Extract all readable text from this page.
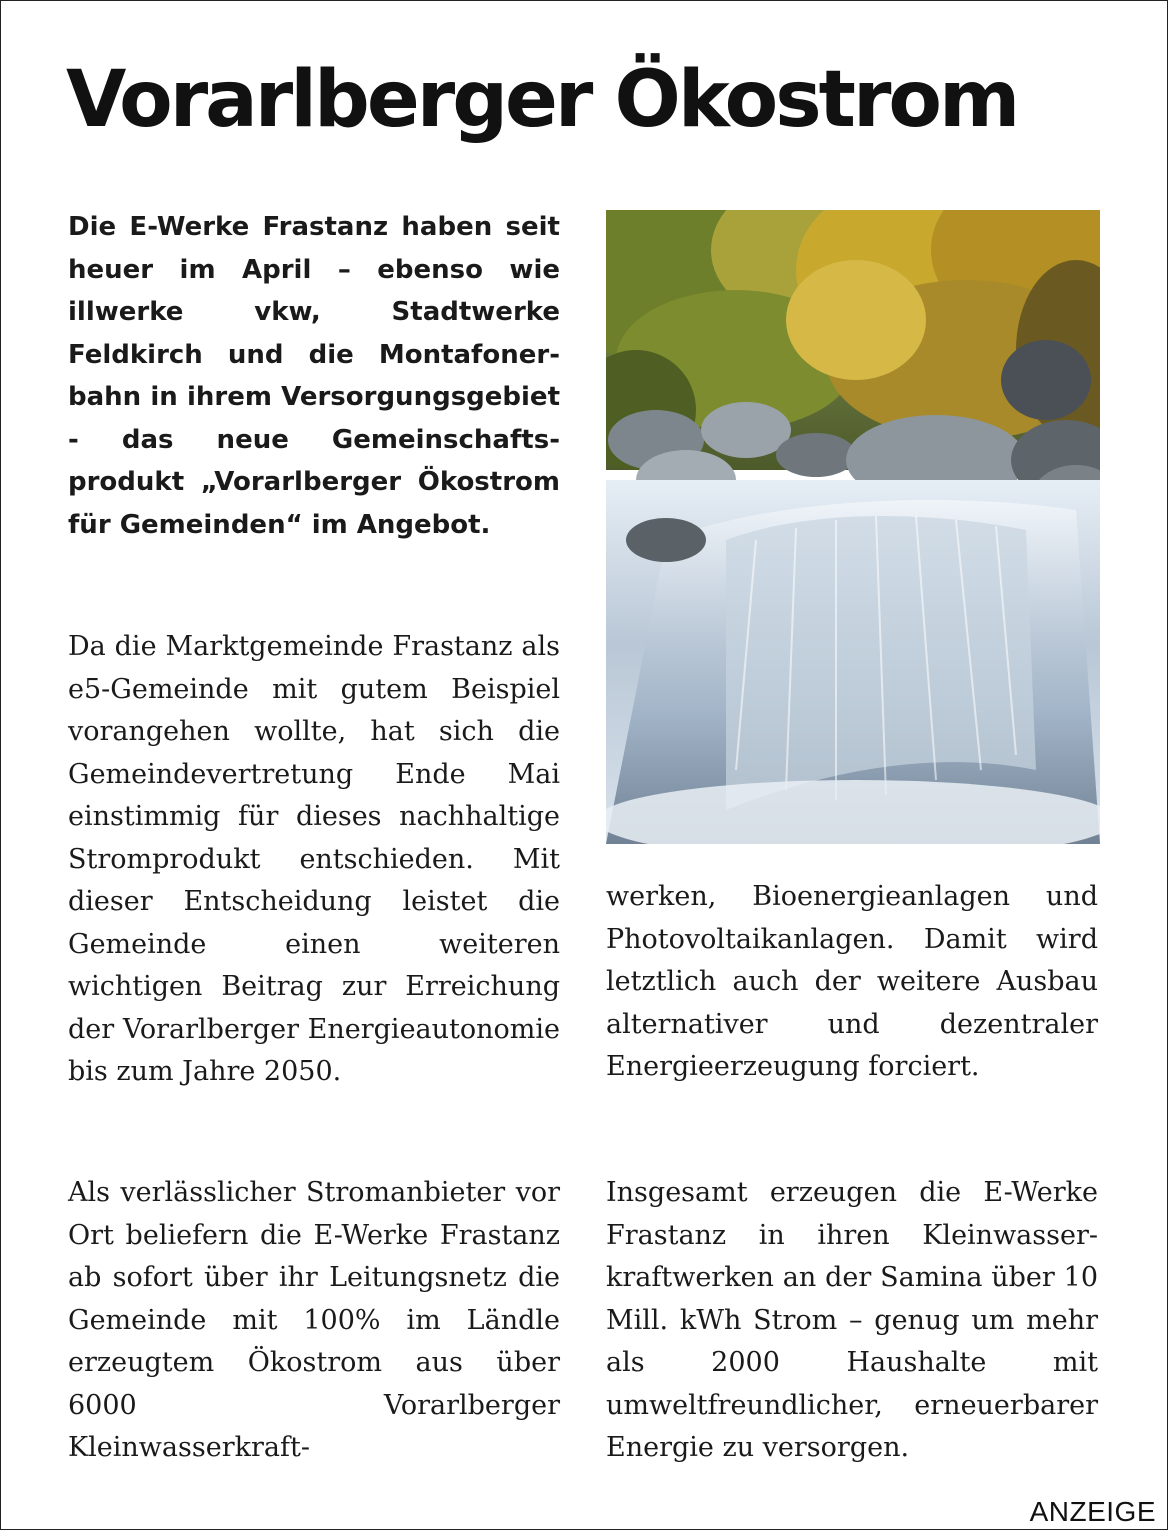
Vorarlberger Ökostrom

Die E-Werke Frastanz haben seit heuer im April – ebenso wie illwerke vkw, Stadtwerke Feldkirch und die Montafonerbahn in ihrem Versorgungsgebiet - das neue Gemeinschaftsprodukt „Vorarlberger Ökostrom für Gemeinden“ im Angebot.

Da die Marktgemeinde Frastanz als e5-Gemeinde mit gutem Beispiel vorangehen wollte, hat sich die Gemeindevertretung Ende Mai einstimmig für dieses nachhaltige Stromprodukt entschieden. Mit dieser Entscheidung leistet die Gemeinde einen weiteren wichtigen Beitrag zur Erreichung der Vorarlberger Energieautonomie bis zum Jahre 2050.

Als verlässlicher Stromanbieter vor Ort beliefern die E-Werke Frastanz ab sofort über ihr Leitungsnetz die Gemeinde mit 100% im Ländle erzeugtem Ökostrom aus über 6000 Vorarlberger Kleinwasserkraft-

werken, Bioenergieanlagen und Photovoltaikanlagen. Damit wird letztlich auch der weitere Ausbau alternativer und dezentraler Energieerzeugung forciert.

Insgesamt erzeugen die E-Werke Frastanz in ihren Kleinwasserkraftwerken an der Samina über 10 Mill. kWh Strom – genug um mehr als 2000 Haushalte mit umweltfreundlicher, erneuerbarer Energie zu versorgen.

ANZEIGE
